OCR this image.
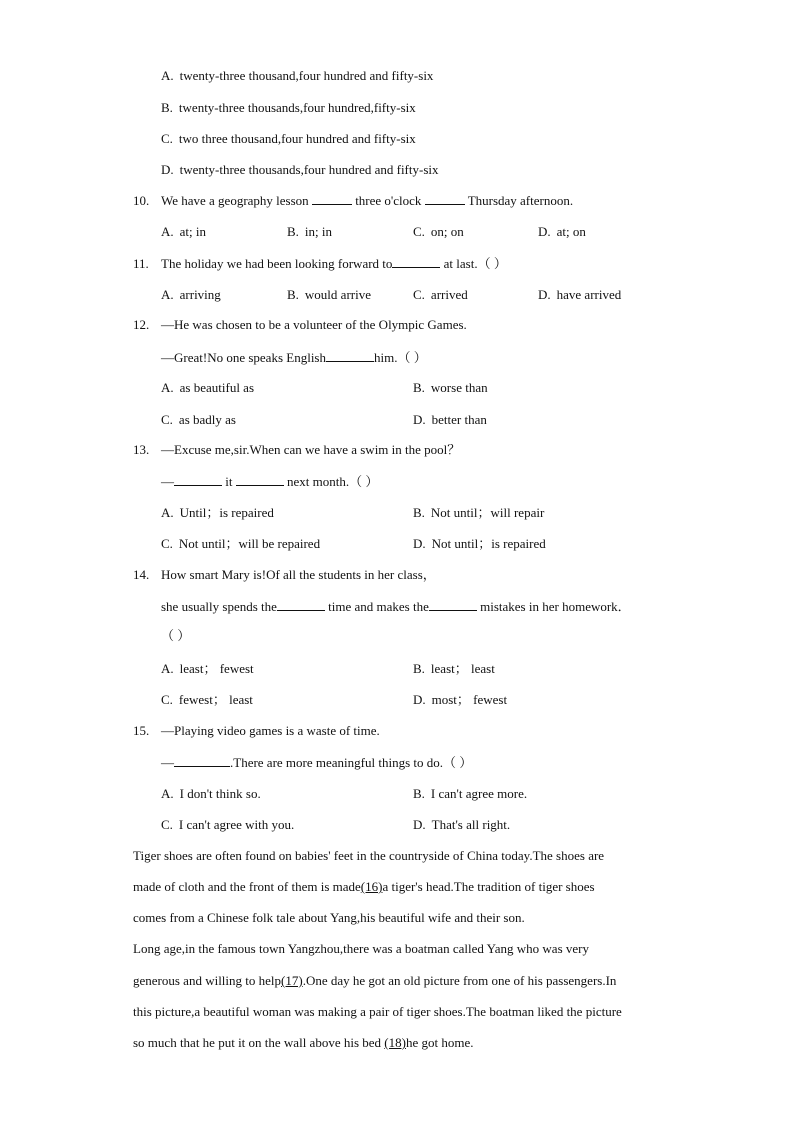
A. twenty-three thousand,four hundred and fifty-six
B. twenty-three thousands,four hundred,fifty-six
C. two three thousand,four hundred and fifty-six
D. twenty-three thousands,four hundred and fifty-six
10. We have a geography lesson	three o'clock	Thursday afternoon.
A. at; in	B. in; in	C. on; on	D. at; on
11. The holiday we had been looking forward to	at last.（ ）
A. arriving	B. would arrive	C. arrived	D. have arrived
12. —He was chosen to be a volunteer of the Olympic Games.
—Great!No one speaks English	him.（ ）
A. as beautiful as	B. worse than
C. as badly as	D. better than
13. —Excuse me,sir.When can we have a swim in the pool？
—	it	next month.（ ）
A. Until；is repaired	B. Not until；will repair
C. Not until；will be repaired	D. Not until；is repaired
14. How smart Mary is!Of all the students in her class，
she usually spends the	time and makes the	mistakes in her homework．
（ ）
A. least； fewest	B. least； least
C. fewest； least	D. most； fewest
15. —Playing video games is a waste of time.
—	.There are more meaningful things to do.（ ）
A. I don't think so.	B. I can't agree more.
C. I can't agree with you.	D. That's all right.
Tiger shoes are often found on babies' feet in the countryside of China today.The shoes are
made of cloth and the front of them is made(16)a tiger's head.The tradition of tiger shoes
comes from a Chinese folk tale about Yang,his beautiful wife and their son.
Long age,in the famous town Yangzhou,there was a boatman called Yang who was very
generous and willing to help(17).One day he got an old picture from one of his passengers.In
this picture,a beautiful woman was making a pair of tiger shoes.The boatman liked the picture
so much that he put it on the wall above his bed (18)he got home.
